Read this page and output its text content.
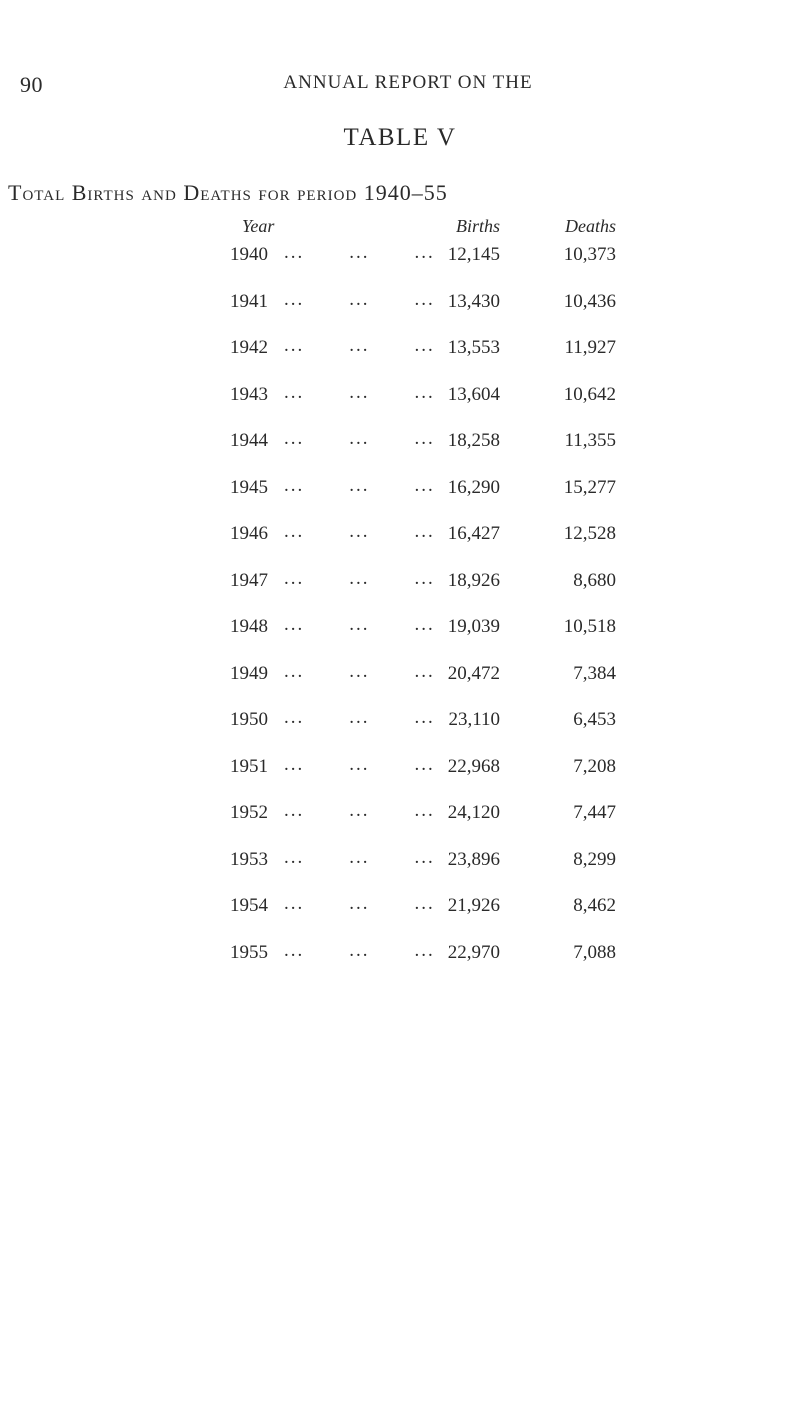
90	ANNUAL REPORT ON THE
TABLE V
Total Births and Deaths for period 1940–55
Year	Births	Deaths
1940 ... ... ... 12,145	10,373
1941 ... ... ... 13,430	10,436
1942 ... ... ... 13,553	11,927
1943 ... ... ... 13,604	10,642
1944 ... ... ... 18,258	11,355
1945 ... ... ... 16,290	15,277
1946 ... ... ... 16,427	12,528
1947 ... ... ... 18,926	8,680
1948 ... ... ... 19,039	10,518
1949 ... ... ... 20,472	7,384
1950 ... ... ... 23,110	6,453
1951 ... ... ... 22,968	7,208
1952 ... ... ... 24,120	7,447
1953 ... ... ... 23,896	8,299
1954 ... ... ... 21,926	8,462
1955 ... ... ... 22,970	7,088
